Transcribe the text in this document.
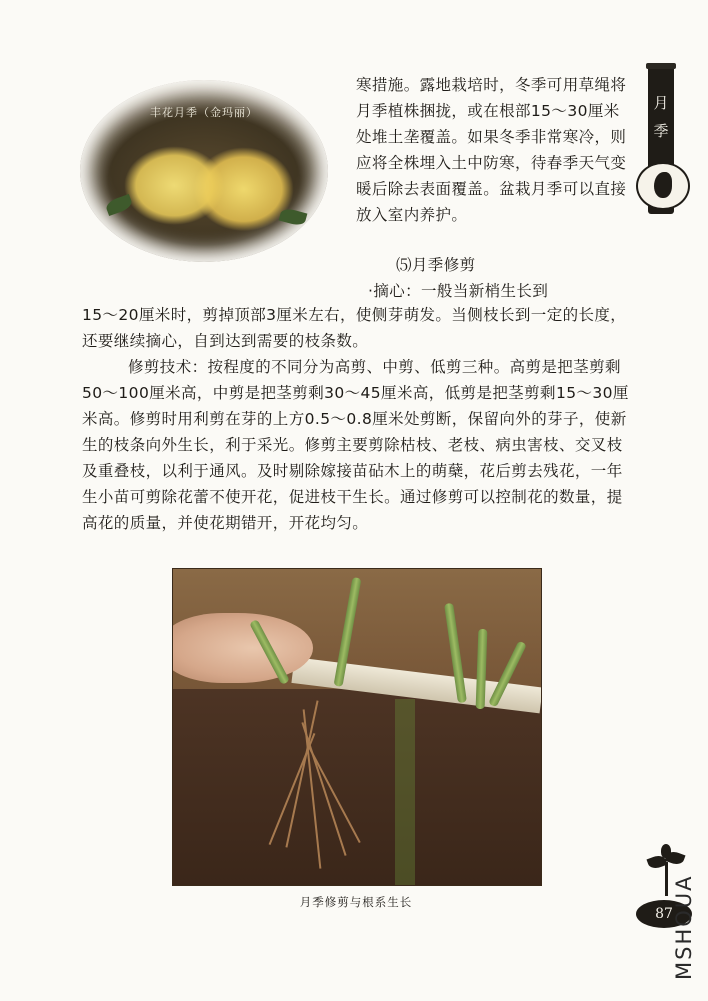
丰花月季（金玛丽）
月
季
寒措施。露地栽培时，冬季可用草绳将月季植株捆拢，或在根部15～30厘米处堆土垄覆盖。如果冬季非常寒冷，则应将全株埋入土中防寒，待春季天气变暖后除去表面覆盖。盆栽月季可以直接放入室内养护。
⑸月季修剪
·摘心：一般当新梢生长到
15～20厘米时，剪掉顶部3厘米左右，使侧芽萌发。当侧枝长到一定的长度，还要继续摘心，自到达到需要的枝条数。
修剪技术：按程度的不同分为高剪、中剪、低剪三种。高剪是把茎剪剩50～100厘米高，中剪是把茎剪剩30～45厘米高，低剪是把茎剪剩15～30厘米高。修剪时用利剪在芽的上方0.5～0.8厘米处剪断，保留向外的芽子，使新生的枝条向外生长，利于采光。修剪主要剪除枯枝、老枝、病虫害枝、交叉枝及重叠枝，以利于通风。及时剔除嫁接苗砧木上的萌蘖，花后剪去残花，一年生小苗可剪除花蕾不使开花，促进枝干生长。通过修剪可以控制花的数量，提高花的质量，并使花期错开，开花均匀。
月季修剪与根系生长
87 MSHOUA
